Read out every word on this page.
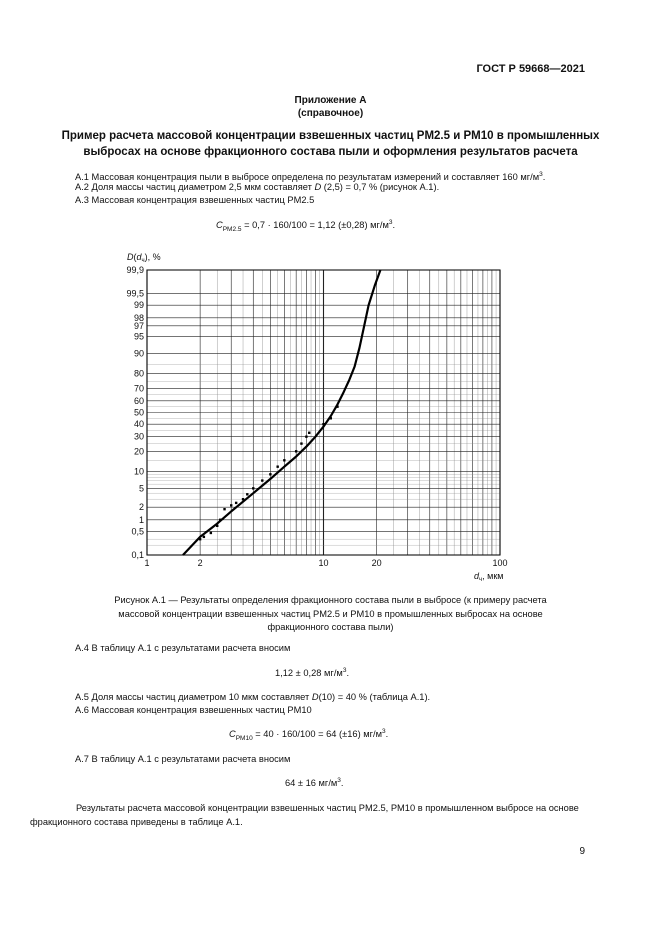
ГОСТ Р 59668—2021
Приложение А
(справочное)
Пример расчета массовой концентрации взвешенных частиц PM2.5 и PM10 в промышленных
выбросах на основе фракционного состава пыли и оформления результатов расчета
А.1 Массовая концентрация пыли в выбросе определена по результатам измерений и составляет 160 $мг/м^3$.
А.2 Доля массы частиц диаметром 2,5 мкм составляет D (2,5) = 0,7 % (рисунок А.1).
А.3 Массовая концентрация взвешенных частиц PM2.5
$C_{PM2.5} = 0,7 \cdot 160/100 = 1,12$ (±0,28) $мг/м^3$.
99,9
99,5
99
98
97
95
90
80
70
60
50
40
30
20
10
5
2
1
0,5
0,1
1	2	10	20	100
$D(d_ч)$, %
$d_ч$, мкм
Рисунок А.1 — Результаты определения фракционного состава пыли в выбросе (к примеру расчета
массовой концентрации взвешенных частиц PM2.5 и PM10 в промышленных выбросах на основе
фракционного состава пыли)
А.4 В таблицу А.1 с результатами расчета вносим
1,12 ± 0,28 $мг/м^3$.
А.5 Доля массы частиц диаметром 10 мкм составляет D(10) = 40 % (таблица А.1).
А.6 Массовая концентрация взвешенных частиц PM10
$C_{PM10} = 40 \cdot 160/100 = 64$ (±16) $мг/м^3$.
А.7 В таблицу А.1 с результатами расчета вносим
64 ± 16 $мг/м^3$.
Результаты расчета массовой концентрации взвешенных частиц PM2.5, PM10 в промышленном выбросе на основе фракционного состава приведены в таблице А.1.
9
